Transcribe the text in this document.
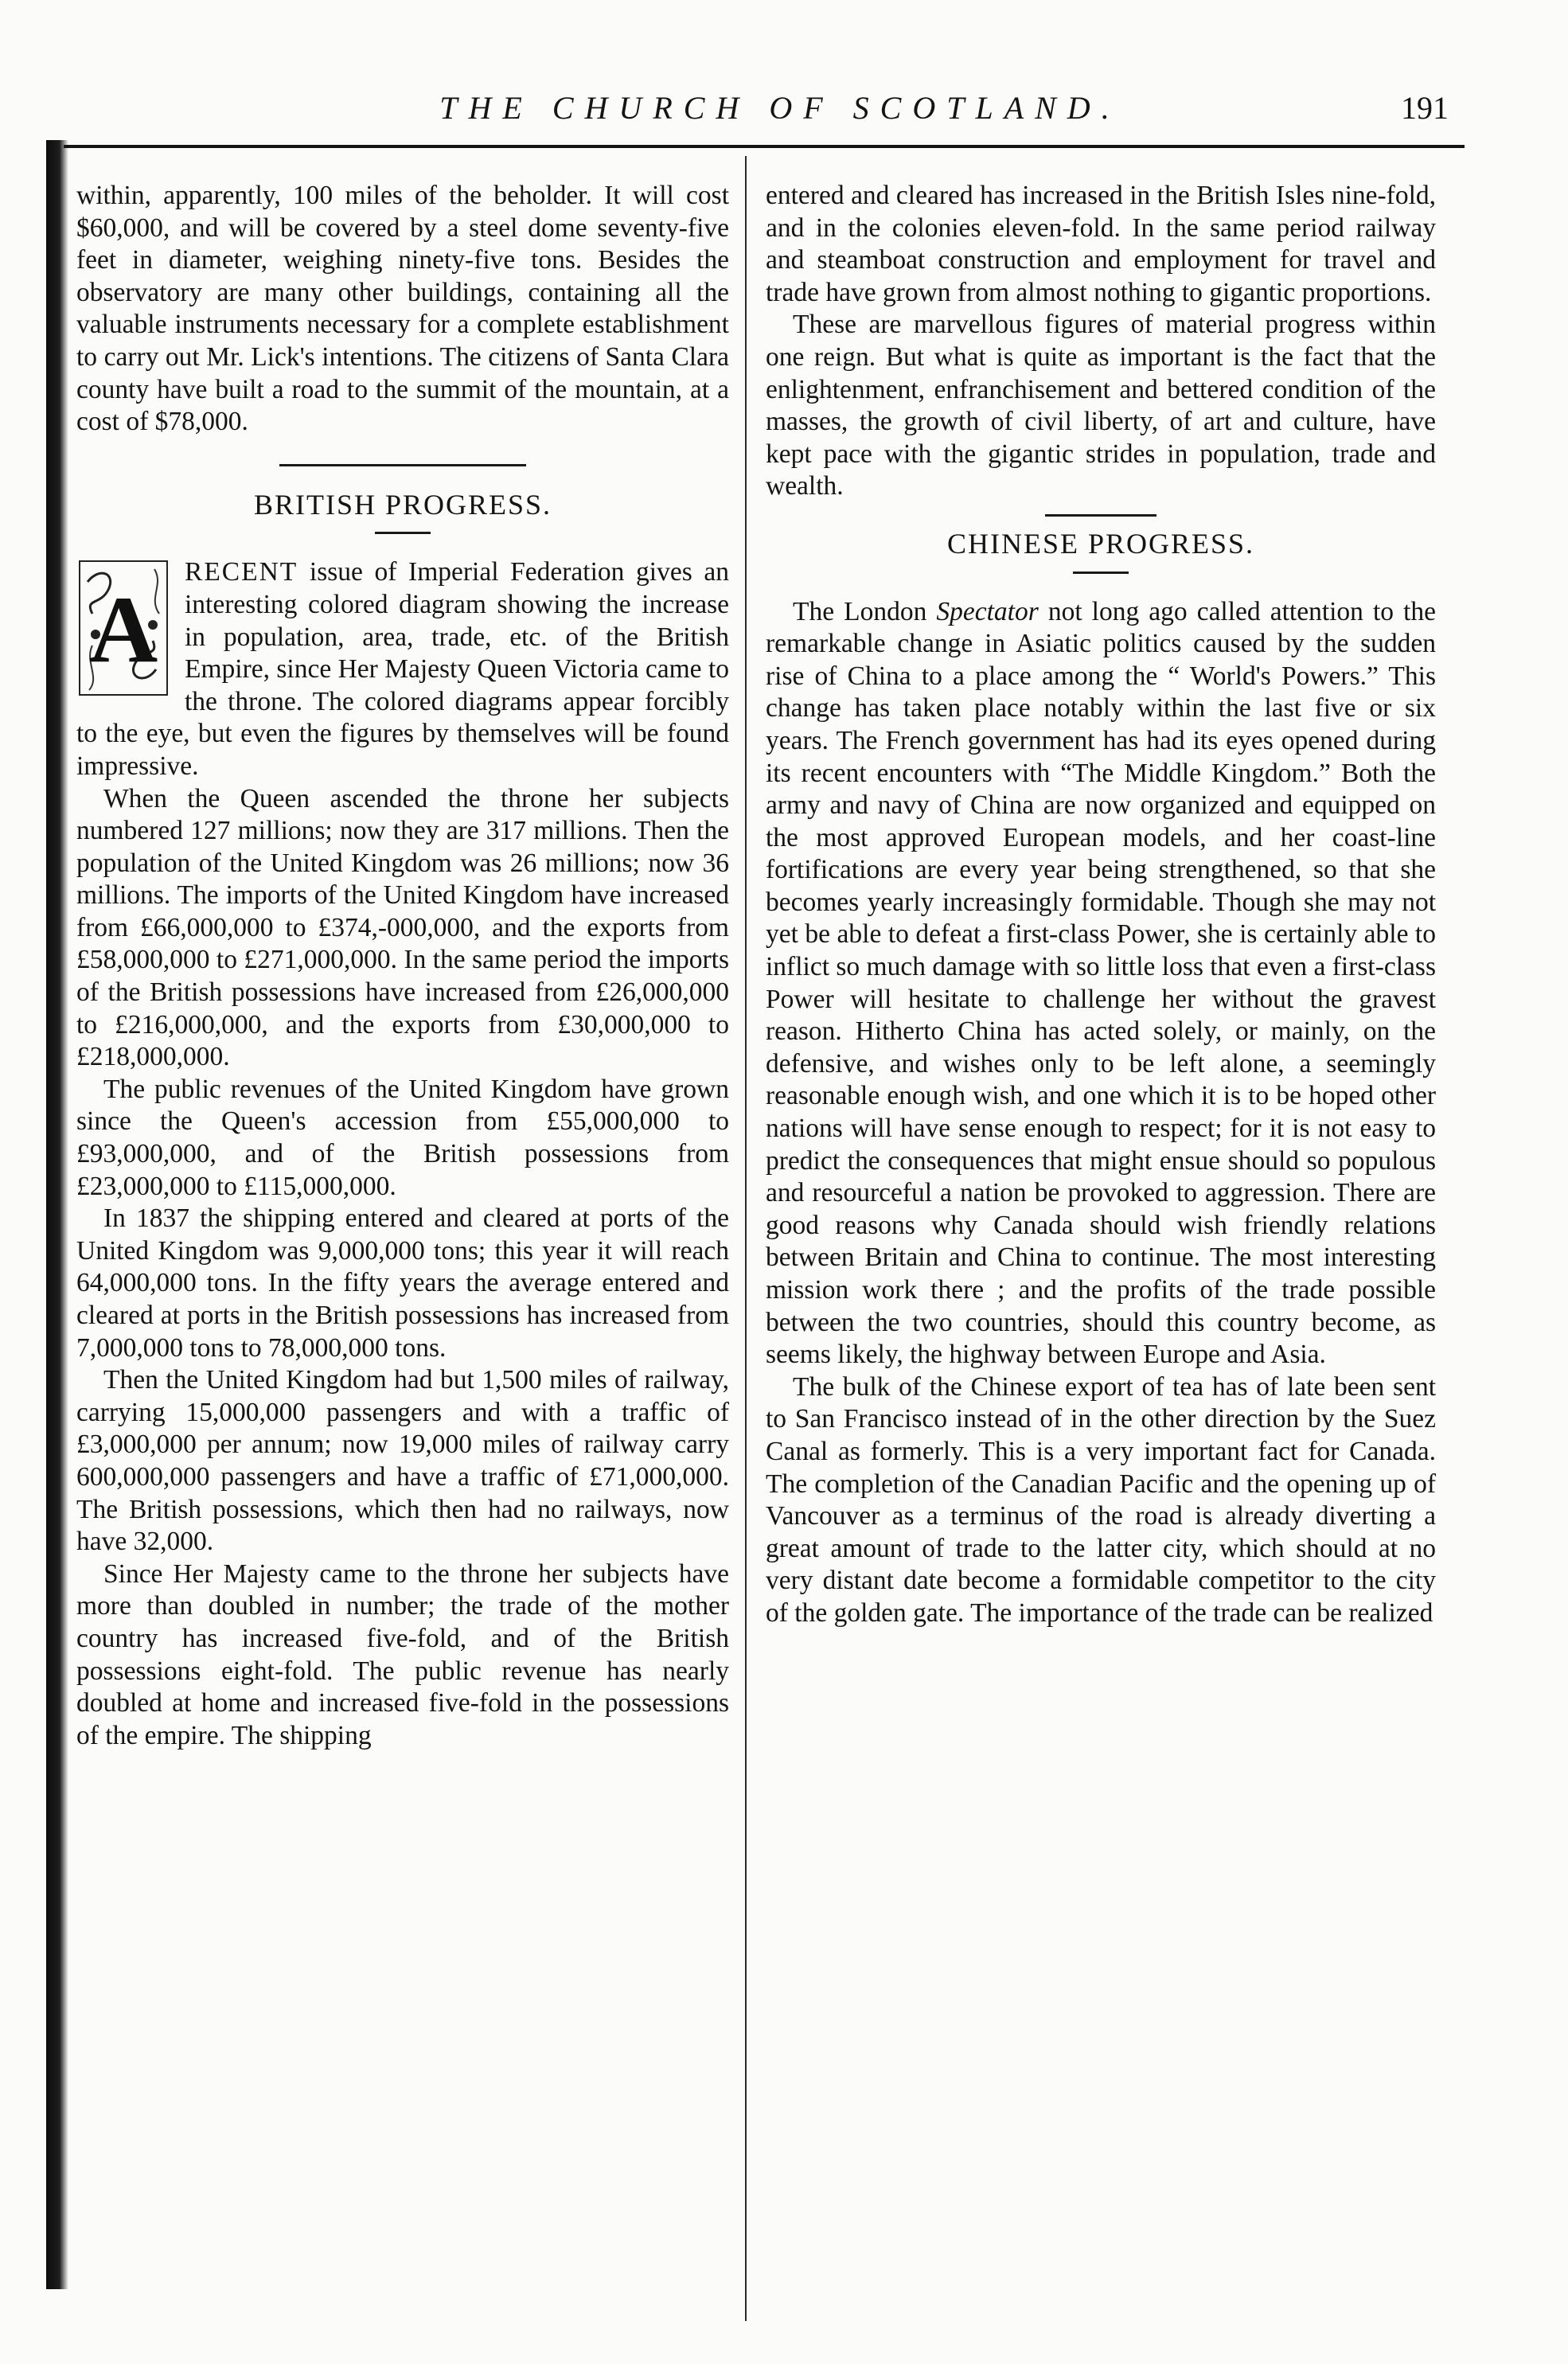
THE CHURCH OF SCOTLAND.	191

within, apparently, 100 miles of the beholder. It will cost $60,000, and will be covered by a steel dome seventy-five feet in diameter, weighing ninety-five tons. Besides the observatory are many other buildings, containing all the valuable instruments necessary for a complete establishment to carry out Mr. Lick's intentions. The citizens of Santa Clara county have built a road to the summit of the mountain, at a cost of $78,000.

BRITISH PROGRESS.
A

RECENT issue of Imperial Federation gives an interesting colored diagram showing the increase in population, area, trade, etc. of the British Empire, since Her Majesty Queen Victoria came to the throne. The colored diagrams appear forcibly to the eye, but even the figures by themselves will be found impressive.

When the Queen ascended the throne her subjects numbered 127 millions; now they are 317 millions. Then the population of the United Kingdom was 26 millions; now 36 millions. The imports of the United Kingdom have increased from £66,000,000 to £374,-000,000, and the exports from £58,000,000 to £271,000,000. In the same period the imports of the British possessions have increased from £26,000,000 to £216,000,000, and the exports from £30,000,000 to £218,000,000.

The public revenues of the United Kingdom have grown since the Queen's accession from £55,000,000 to £93,000,000, and of the British possessions from £23,000,000 to £115,000,000.

In 1837 the shipping entered and cleared at ports of the United Kingdom was 9,000,000 tons; this year it will reach 64,000,000 tons. In the fifty years the average entered and cleared at ports in the British possessions has increased from 7,000,000 tons to 78,000,000 tons.

Then the United Kingdom had but 1,500 miles of railway, carrying 15,000,000 passengers and with a traffic of £3,000,000 per annum; now 19,000 miles of railway carry 600,000,000 passengers and have a traffic of £71,000,000. The British possessions, which then had no railways, now have 32,000.

Since Her Majesty came to the throne her subjects have more than doubled in number; the trade of the mother country has increased five-fold, and of the British possessions eight-fold. The public revenue has nearly doubled at home and increased five-fold in the possessions of the empire. The shipping

entered and cleared has increased in the British Isles nine-fold, and in the colonies eleven-fold. In the same period railway and steamboat construction and employment for travel and trade have grown from almost nothing to gigantic proportions.

These are marvellous figures of material progress within one reign. But what is quite as important is the fact that the enlightenment, enfranchisement and bettered condition of the masses, the growth of civil liberty, of art and culture, have kept pace with the gigantic strides in population, trade and wealth.

CHINESE PROGRESS.

The London Spectator not long ago called attention to the remarkable change in Asiatic politics caused by the sudden rise of China to a place among the “ World's Powers.” This change has taken place notably within the last five or six years. The French government has had its eyes opened during its recent encounters with “The Middle Kingdom.” Both the army and navy of China are now organized and equipped on the most approved European models, and her coast-line fortifications are every year being strengthened, so that she becomes yearly increasingly formidable. Though she may not yet be able to defeat a first-class Power, she is certainly able to inflict so much damage with so little loss that even a first-class Power will hesitate to challenge her without the gravest reason. Hitherto China has acted solely, or mainly, on the defensive, and wishes only to be left alone, a seemingly reasonable enough wish, and one which it is to be hoped other nations will have sense enough to respect; for it is not easy to predict the consequences that might ensue should so populous and resourceful a nation be provoked to aggression. There are good reasons why Canada should wish friendly relations between Britain and China to continue. The most interesting mission work there ; and the profits of the trade possible between the two countries, should this country become, as seems likely, the highway between Europe and Asia.

The bulk of the Chinese export of tea has of late been sent to San Francisco instead of in the other direction by the Suez Canal as formerly. This is a very important fact for Canada. The completion of the Canadian Pacific and the opening up of Vancouver as a terminus of the road is already diverting a great amount of trade to the latter city, which should at no very distant date become a formidable competitor to the city of the golden gate. The importance of the trade can be realized
